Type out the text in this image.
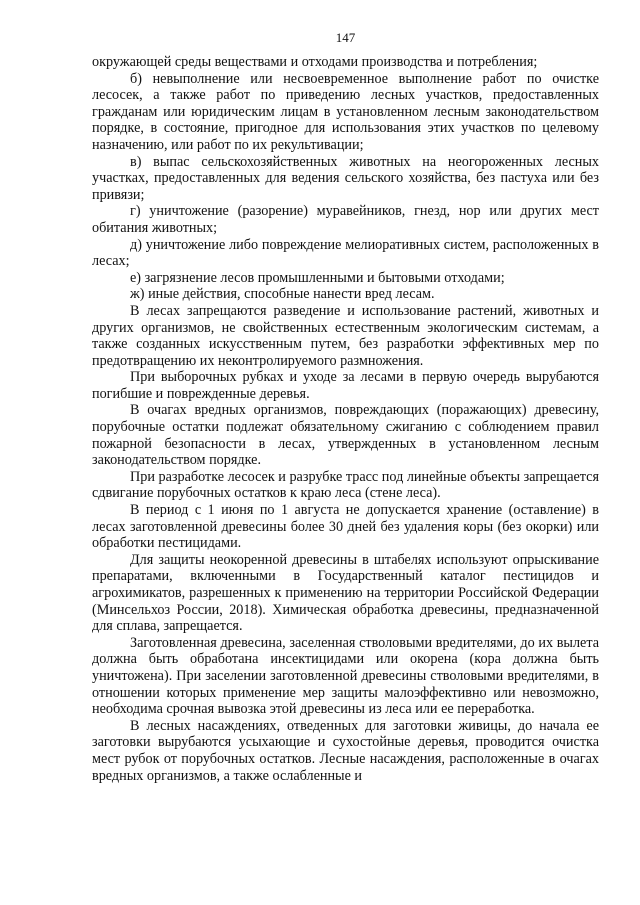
147

окружающей среды веществами и отходами производства и потребления;

б) невыполнение или несвоевременное выполнение работ по очистке лесосек, а также работ по приведению лесных участков, предоставленных гражданам или юридическим лицам в установленном лесным законодательством порядке, в состояние, пригодное для использования этих участков по целевому назначению, или работ по их рекультивации;

в) выпас сельскохозяйственных животных на неогороженных лесных участках, предоставленных для ведения сельского хозяйства, без пастуха или без привязи;

г) уничтожение (разорение) муравейников, гнезд, нор или других мест обитания животных;

д) уничтожение либо повреждение мелиоративных систем, расположенных в лесах;

е) загрязнение лесов промышленными и бытовыми отходами;

ж) иные действия, способные нанести вред лесам.

В лесах запрещаются разведение и использование растений, животных и других организмов, не свойственных естественным экологическим системам, а также созданных искусственным путем, без разработки эффективных мер по предотвращению их неконтролируемого размножения.

При выборочных рубках и уходе за лесами в первую очередь вырубаются погибшие и поврежденные деревья.

В очагах вредных организмов, повреждающих (поражающих) древесину, порубочные остатки подлежат обязательному сжиганию с соблюдением правил пожарной безопасности в лесах, утвержденных в установленном лесным законодательством порядке.

При разработке лесосек и разрубке трасс под линейные объекты запрещается сдвигание порубочных остатков к краю леса (стене леса).

В период с 1 июня по 1 августа не допускается хранение (оставление) в лесах заготовленной древесины более 30 дней без удаления коры (без окорки) или обработки пестицидами.

Для защиты неокоренной древесины в штабелях используют опрыскивание препаратами, включенными в Государственный каталог пестицидов и агрохимикатов, разрешенных к применению на территории Российской Федерации (Минсельхоз России, 2018). Химическая обработка древесины, предназначенной для сплава, запрещается.

Заготовленная древесина, заселенная стволовыми вредителями, до их вылета должна быть обработана инсектицидами или окорена (кора должна быть уничтожена). При заселении заготовленной древесины стволовыми вредителями, в отношении которых применение мер защиты малоэффективно или невозможно, необходима срочная вывозка этой древесины из леса или ее переработка.

В лесных насаждениях, отведенных для заготовки живицы, до начала ее заготовки вырубаются усыхающие и сухостойные деревья, проводится очистка мест рубок от порубочных остатков. Лесные насаждения, расположенные в очагах вредных организмов, а также ослабленные и
